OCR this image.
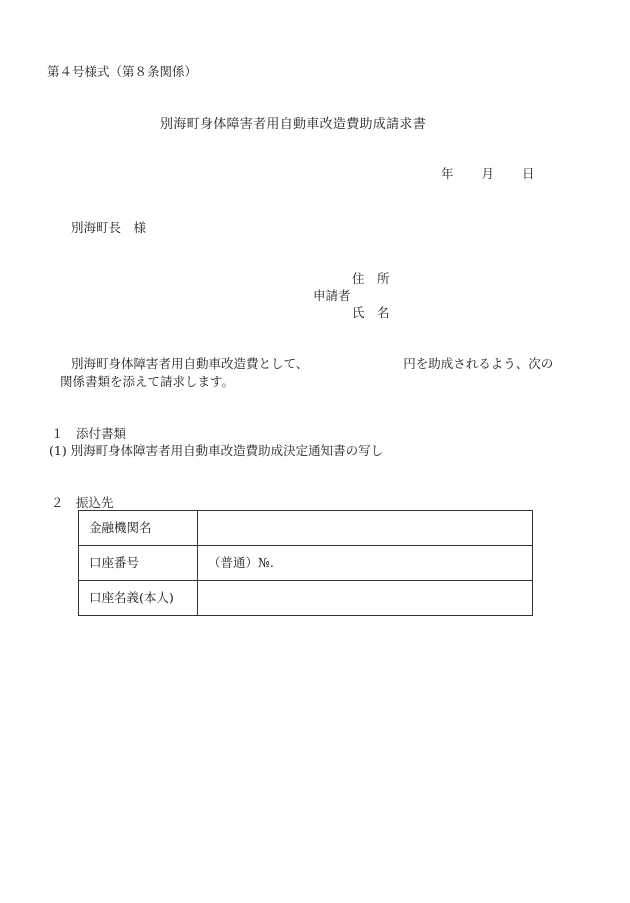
第４号様式（第８条関係）
別海町身体障害者用自動車改造費助成請求書
年 月 日
別海町長　様
住　所
申請者
氏　名
別海町身体障害者用自動車改造費として、	円を助成されるよう、次の
関係書類を添えて請求します。
１　添付書類
(1) 別海町身体障害者用自動車改造費助成決定通知書の写し
２　振込先
金融機関名	
口座番号	（普通）№.
口座名義(本人)	
